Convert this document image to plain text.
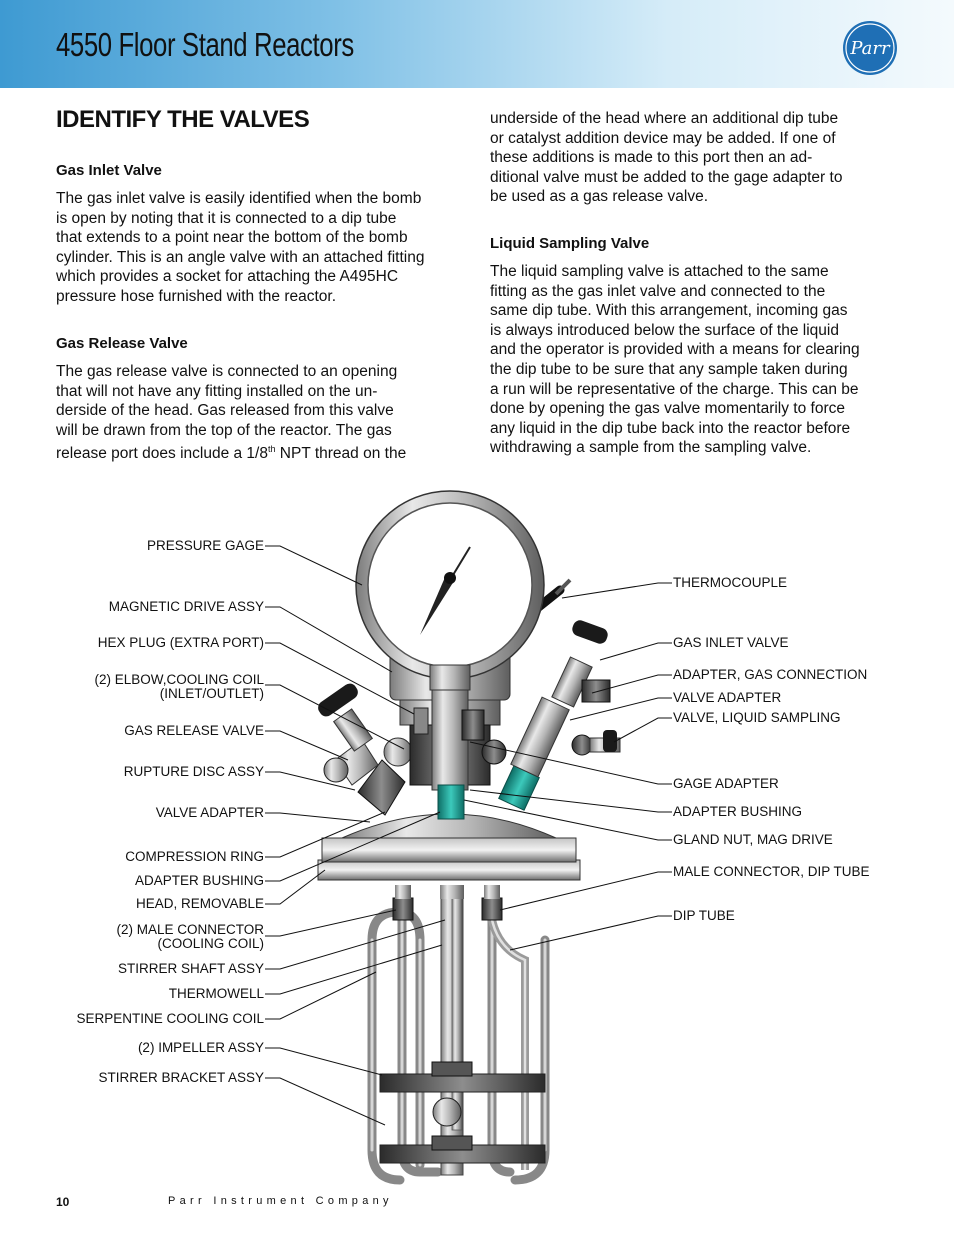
4550 Floor Stand Reactors	Parr
IDENTIFY THE VALVES
Gas Inlet Valve
The gas inlet valve is easily identified when the bomb
is open by noting that it is connected to a dip tube
that extends to a point near the bottom of the bomb
cylinder. This is an angle valve with an attached fitting
which provides a socket for attaching the A495HC
pressure hose furnished with the reactor.
Gas Release Valve
The gas release valve is connected to an opening
that will not have any fitting installed on the un-
derside of the head. Gas released from this valve
will be drawn from the top of the reactor. The gas
release port does include a 1/8th NPT thread on the
underside of the head where an additional dip tube
or catalyst addition device may be added. If one of
these additions is made to this port then an ad-
ditional valve must be added to the gage adapter to
be used as a gas release valve.
Liquid Sampling Valve
The liquid sampling valve is attached to the same
fitting as the gas inlet valve and connected to the
same dip tube. With this arrangement, incoming gas
is always introduced below the surface of the liquid
and the operator is provided with a means for clearing
the dip tube to be sure that any sample taken during
a run will be representative of the charge. This can be
done by opening the gas valve momentarily to force
any liquid in the dip tube back into the reactor before
withdrawing a sample from the sampling valve.
PRESSURE GAGE
MAGNETIC DRIVE ASSY
HEX PLUG (EXTRA PORT)
(2) ELBOW,COOLING COIL
(INLET/OUTLET)
GAS RELEASE VALVE
RUPTURE DISC ASSY
VALVE ADAPTER
COMPRESSION RING
ADAPTER BUSHING
HEAD, REMOVABLE
(2) MALE CONNECTOR
(COOLING COIL)
STIRRER SHAFT ASSY
THERMOWELL
SERPENTINE COOLING COIL
(2) IMPELLER ASSY
STIRRER BRACKET ASSY
THERMOCOUPLE
GAS INLET VALVE
ADAPTER, GAS CONNECTION
VALVE ADAPTER
VALVE, LIQUID SAMPLING
GAGE ADAPTER
ADAPTER BUSHING
GLAND NUT, MAG DRIVE
MALE CONNECTOR, DIP TUBE
DIP TUBE
10	Parr Instrument Company
